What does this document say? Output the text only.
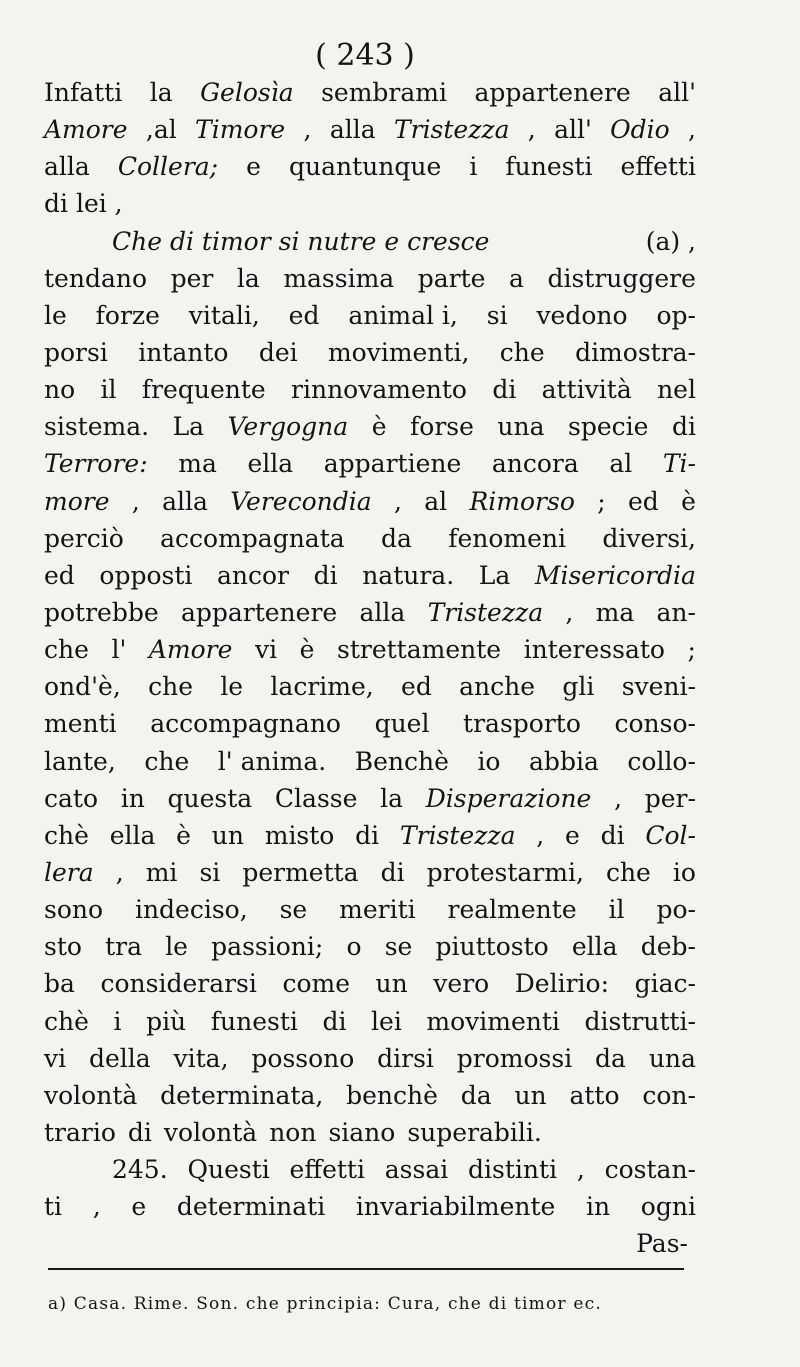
( 243 )
Infatti la Gelosìa sembrami appartenere all'
Amore ,al Timore , alla Tristezza , all' Odio ,
alla Collera; e quantunque i funesti effetti
di lei ,
Che di timor si nutre e cresce	(a) ,
tendano per la massima parte a distruggere
le forze vitali, ed animal i, si vedono op-
porsi intanto dei movimenti, che dimostra-
no il frequente rinnovamento di attività nel
sistema. La Vergogna è forse una specie di
Terrore: ma ella appartiene ancora al Ti-
more , alla Verecondia , al Rimorso ; ed è
perciò accompagnata da fenomeni diversi,
ed opposti ancor di natura. La Misericordia
potrebbe appartenere alla Tristezza , ma an-
che l' Amore vi è strettamente interessato ;
ond'è, che le lacrime, ed anche gli sveni-
menti accompagnano quel trasporto conso-
lante, che l' anima. Benchè io abbia collo-
cato in questa Classe la Disperazione , per-
chè ella è un misto di Tristezza , e di Col-
lera , mi si permetta di protestarmi, che io
sono indeciso, se meriti realmente il po-
sto tra le passioni; o se piuttosto ella deb-
ba considerarsi come un vero Delirio: giac-
chè i più funesti di lei movimenti distrutti-
vi della vita, possono dirsi promossi da una
volontà determinata, benchè da un atto con-
trario di volontà non siano superabili.
245. Questi effetti assai distinti , costan-
ti , e determinati invariabilmente in ogni
Pas-
a) Casa. Rime. Son. che principia: Cura, che di timor ec.
